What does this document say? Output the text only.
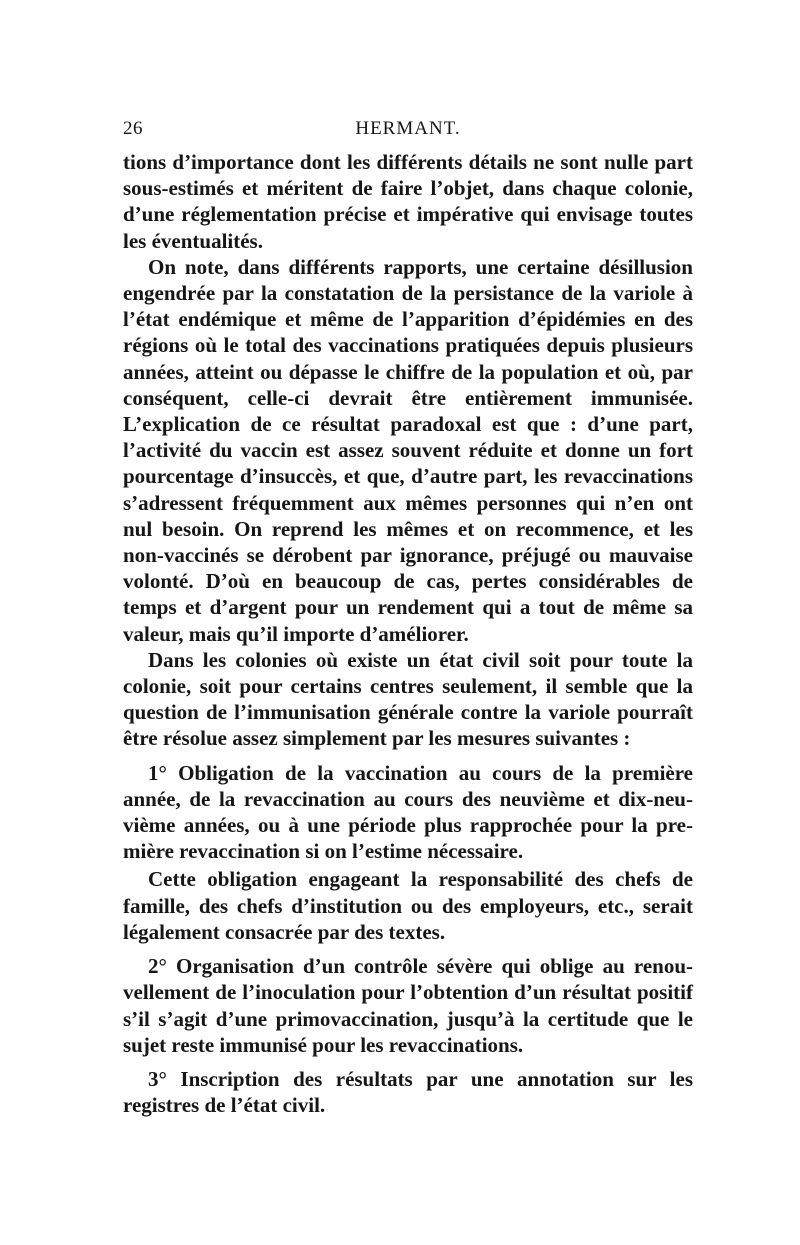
26	HERMANT.

tions d’importance dont les différents détails ne sont nulle part sous-estimés et méritent de faire l’objet, dans chaque colonie, d’une réglementation précise et impérative qui envisage toutes les éventualités.

On note, dans différents rapports, une certaine désillusion engendrée par la constatation de la persistance de la variole à l’état endémique et même de l’apparition d’épidémies en des régions où le total des vaccinations pratiquées depuis plusieurs années, atteint ou dépasse le chiffre de la population et où, par conséquent, celle-ci devrait être entièrement immunisée. L’explication de ce résultat paradoxal est que : d’une part, l’activité du vaccin est assez souvent réduite et donne un fort pourcentage d’insuccès, et que, d’autre part, les revaccinations s’adressent fréquemment aux mêmes personnes qui n’en ont nul besoin. On reprend les mêmes et on recommence, et les non-vaccinés se dérobent par ignorance, préjugé ou mauvaise volonté. D’où en beaucoup de cas, pertes considérables de temps et d’argent pour un rendement qui a tout de même sa valeur, mais qu’il importe d’améliorer.

Dans les colonies où existe un état civil soit pour toute la colonie, soit pour certains centres seulement, il semble que la question de l’immunisation générale contre la variole pourraît être résolue assez simplement par les mesures suivantes :

1° Obligation de la vaccination au cours de la première année, de la revaccination au cours des neuvième et dix-neuvième années, ou à une période plus rapprochée pour la première revaccination si on l’estime nécessaire.

Cette obligation engageant la responsabilité des chefs de famille, des chefs d’institution ou des employeurs, etc., serait légalement consacrée par des textes.

2° Organisation d’un contrôle sévère qui oblige au renouvellement de l’inoculation pour l’obtention d’un résultat positif s’il s’agit d’une primovaccination, jusqu’à la certitude que le sujet reste immunisé pour les revaccinations.

3° Inscription des résultats par une annotation sur les registres de l’état civil.
